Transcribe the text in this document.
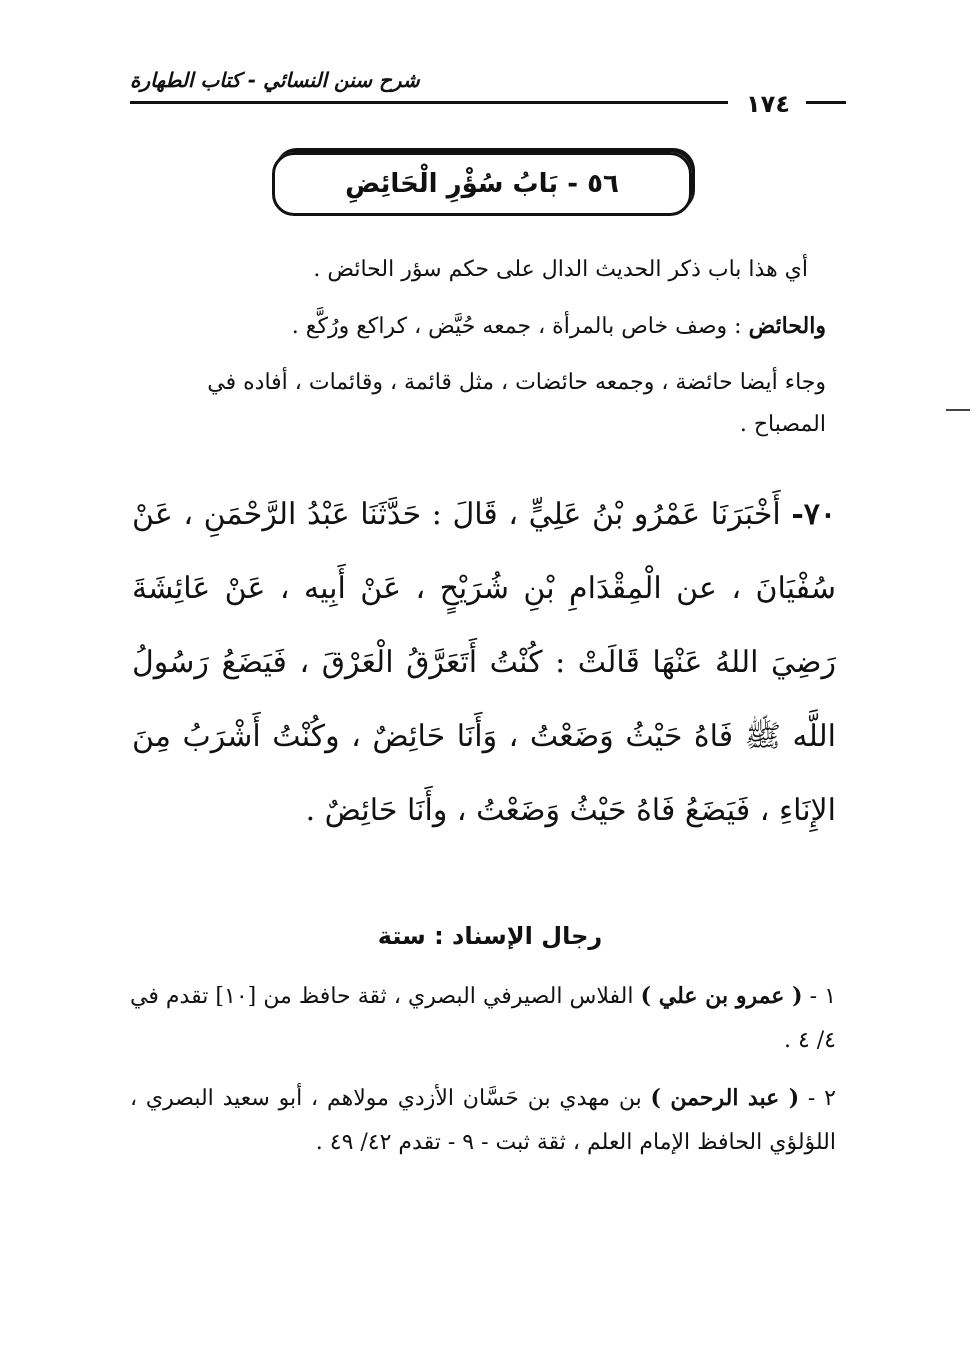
شرح سنن النسائي - كتاب الطهارة
١٧٤
٥٦ - بَابُ سُؤْرِ الْحَائِضِ
أي هذا باب ذكر الحديث الدال على حكم سؤر الحائض .
والحائض : وصف خاص بالمرأة ، جمعه حُيَّض ، كراكع ورُكَّع .
وجاء أيضا حائضة ، وجمعه حائضات ، مثل قائمة ، وقائمات ، أفاده في المصباح .
٧٠- أَخْبَرَنَا عَمْرُو بْنُ عَلِيٍّ ، قَالَ : حَدَّثَنَا عَبْدُ الرَّحْمَنِ ، عَنْ سُفْيَانَ ، عن الْمِقْدَامِ بْنِ شُرَيْحٍ ، عَنْ أَبِيه ، عَنْ عَائِشَةَ رَضِيَ اللهُ عَنْهَا قَالَتْ : كُنْتُ أَتَعَرَّقُ الْعَرْقَ ، فَيَضَعُ رَسُولُ اللَّه ﷺ فَاهُ حَيْثُ وَضَعْتُ ، وَأَنَا حَائِضٌ ، وكُنْتُ أَشْرَبُ مِنَ الإِنَاءِ ، فَيَضَعُ فَاهُ حَيْثُ وَضَعْتُ ، وأَنَا حَائِضٌ .
رجال الإسناد : ستة
١ - ( عمرو بن علي ) الفلاس الصيرفي البصري ، ثقة حافظ من [١٠] تقدم في ٤/ ٤ .
٢ - ( عبد الرحمن ) بن مهدي بن حَسَّان الأزدي مولاهم ، أبو سعيد البصري ، اللؤلؤي الحافظ الإمام العلم ، ثقة ثبت - ٩ - تقدم ٤٢/ ٤٩ .
